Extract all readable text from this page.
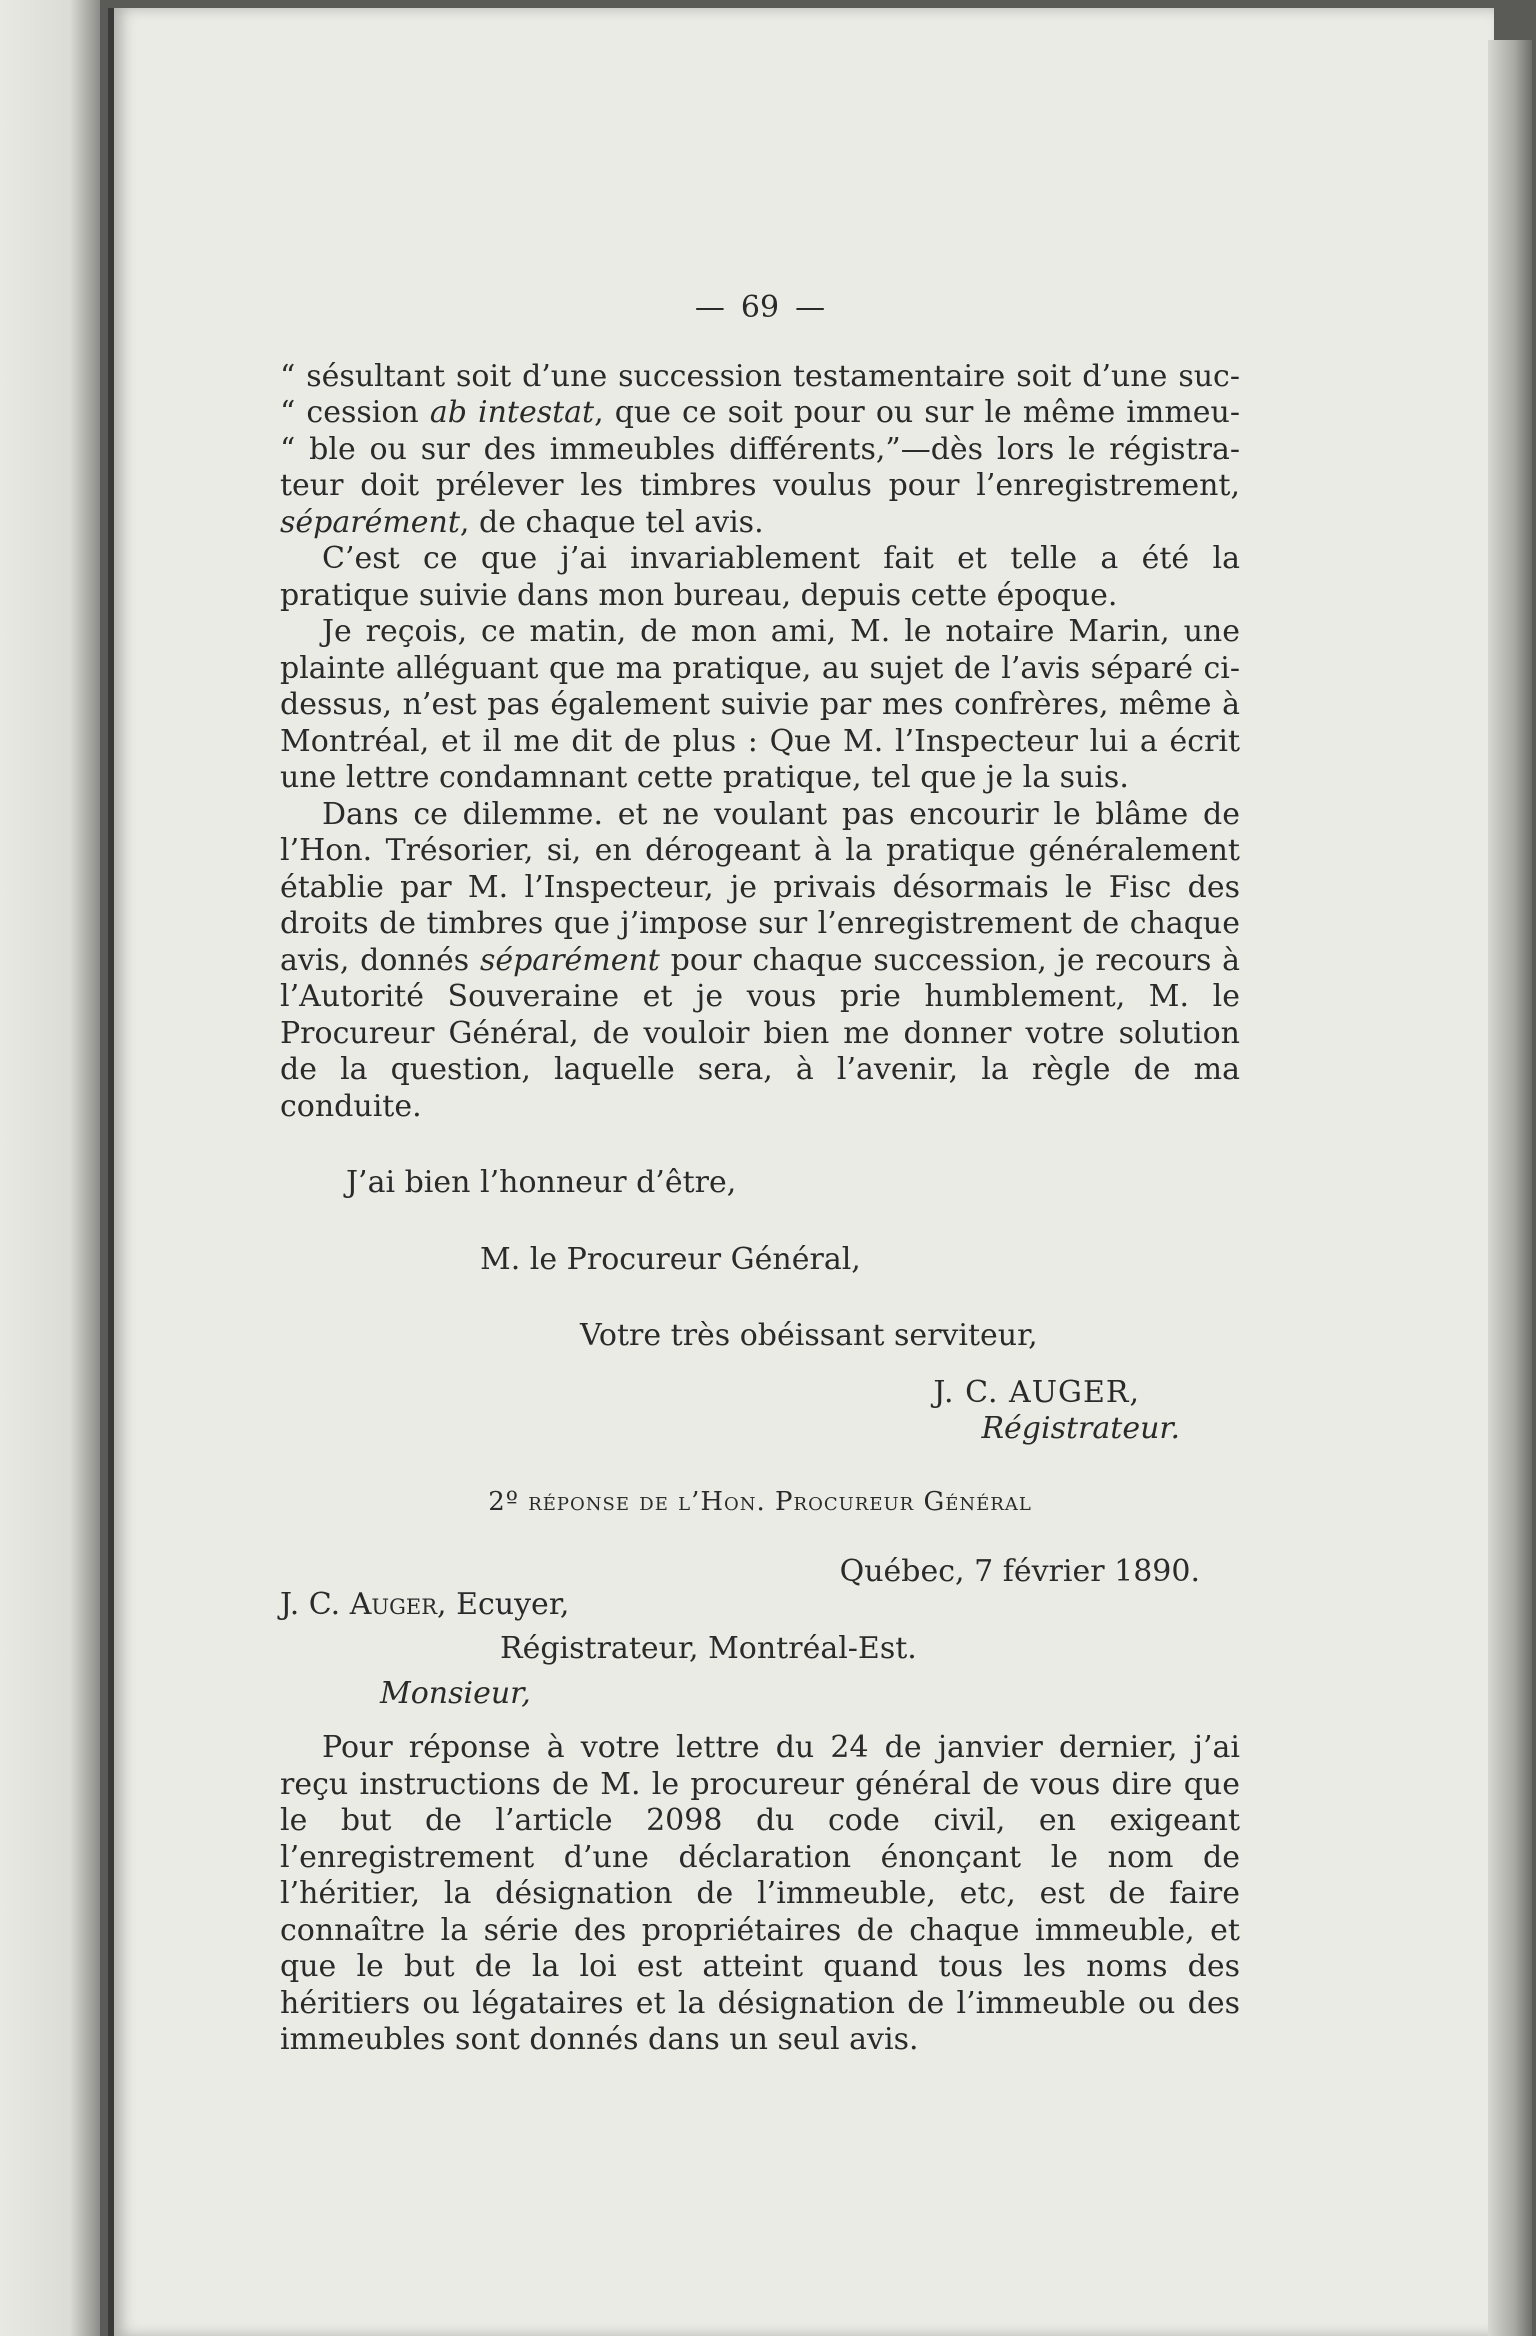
— 69 —

“ sésultant soit d’une succession testamentaire soit d’une suc- “ cession ab intestat, que ce soit pour ou sur le même immeu- “ ble ou sur des immeubles différents,”—dès lors le régistra- teur doit prélever les timbres voulus pour l’enregistrement, séparément, de chaque tel avis.

C’est ce que j’ai invariablement fait et telle a été la pratique suivie dans mon bureau, depuis cette époque.

Je reçois, ce matin, de mon ami, M. le notaire Marin, une plainte alléguant que ma pratique, au sujet de l’avis séparé ci-dessus, n’est pas également suivie par mes confrères, même à Montréal, et il me dit de plus : Que M. l’Inspecteur lui a écrit une lettre condamnant cette pratique, tel que je la suis.

Dans ce dilemme. et ne voulant pas encourir le blâme de l’Hon. Trésorier, si, en dérogeant à la pratique généralement établie par M. l’Inspecteur, je privais désormais le Fisc des droits de timbres que j’impose sur l’enregistrement de chaque avis, donnés séparément pour chaque succession, je recours à l’Autorité Souveraine et je vous prie humblement, M. le Procureur Général, de vouloir bien me donner votre solution de la question, laquelle sera, à l’avenir, la règle de ma conduite.

J’ai bien l’honneur d’être,

M. le Procureur Général,

Votre très obéissant serviteur,

J. C. AUGER,

Régistrateur.

2º réponse de l’Hon. Procureur Général

Québec, 7 février 1890.

J. C. Auger, Ecuyer,

Régistrateur, Montréal-Est.

Monsieur,

Pour réponse à votre lettre du 24 de janvier dernier, j’ai reçu instructions de M. le procureur général de vous dire que le but de l’article 2098 du code civil, en exigeant l’enregistrement d’une déclaration énonçant le nom de l’héritier, la désignation de l’immeuble, etc, est de faire connaître la série des propriétaires de chaque immeuble, et que le but de la loi est atteint quand tous les noms des héritiers ou légataires et la désignation de l’immeuble ou des immeubles sont donnés dans un seul avis.
